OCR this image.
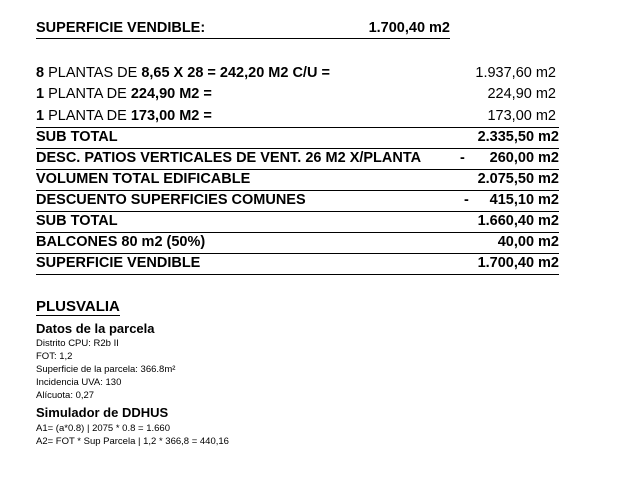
SUPERFICIE VENDIBLE:	1.700,40 m2
8 PLANTAS DE 8,65 X 28 = 242,20 M2 C/U =	1.937,60 m2
1 PLANTA DE 224,90 M2 =	224,90 m2
1 PLANTA DE 173,00 M2 =	173,00 m2
SUB TOTAL	2.335,50 m2
DESC. PATIOS VERTICALES DE VENT. 26 M2 X/PLANTA	- 260,00 m2
VOLUMEN TOTAL EDIFICABLE	2.075,50 m2
DESCUENTO SUPERFICIES COMUNES	- 415,10 m2
SUB TOTAL	1.660,40 m2
BALCONES 80 m2 (50%)	40,00 m2
SUPERFICIE VENDIBLE	1.700,40 m2
PLUSVALIA
Datos de la parcela
Distrito CPU: R2b II
FOT: 1,2
Superficie de la parcela: 366.8m²
Incidencia UVA: 130
Alícuota: 0,27
Simulador de DDHUS
A1= (a*0.8) | 2075 * 0.8 = 1.660
A2= FOT * Sup Parcela | 1,2 * 366,8 = 440,16
